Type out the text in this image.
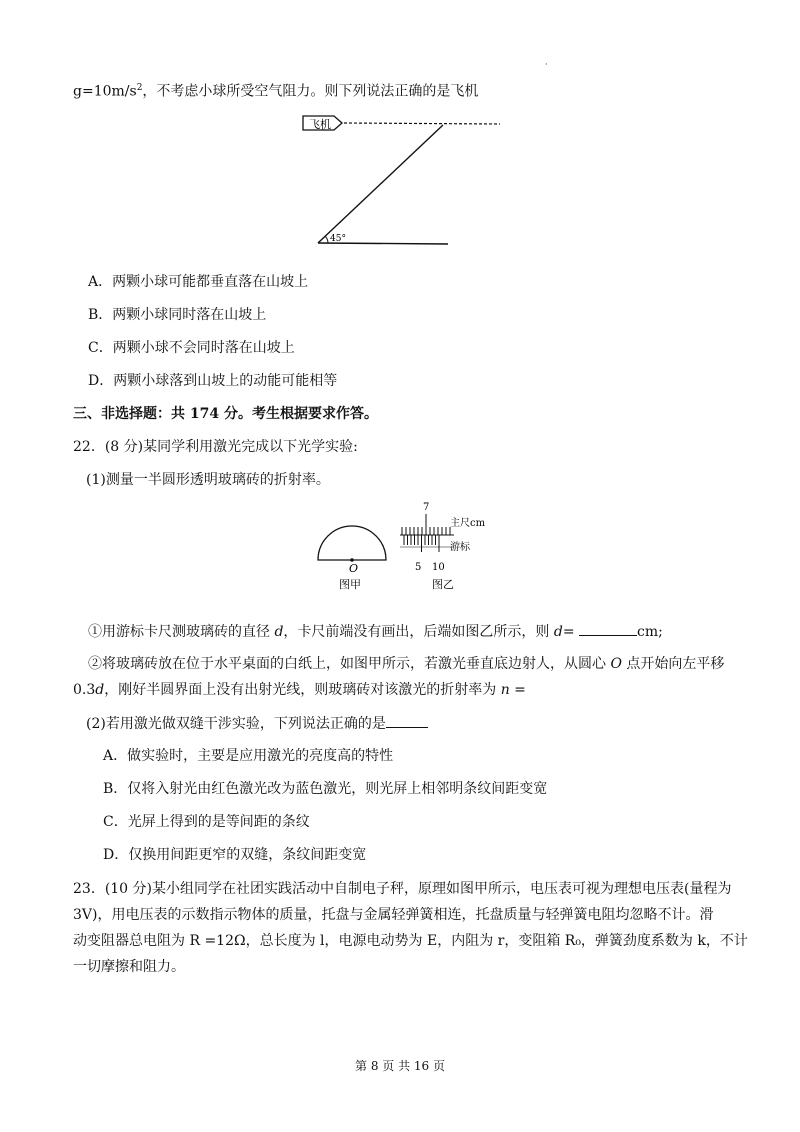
$g=10m/s^2$，不考虑小球所受空气阻力。则下列说法正确的是飞机
·
飞机
45°
A．两颗小球可能都垂直落在山坡上
B．两颗小球同时落在山坡上
C．两颗小球不会同时落在山坡上
D．两颗小球落到山坡上的动能可能相等
三、非选择题：共 174 分。考生根据要求作答。
22．(8 分)某同学利用激光完成以下光学实验:
(1)测量一半圆形透明玻璃砖的折射率。
O
图甲
7
主尺cm
游标
5 10
图乙
①用游标卡尺测玻璃砖的直径 d，卡尺前端没有画出，后端如图乙所示，则 d=	cm;
②将玻璃砖放在位于水平桌面的白纸上，如图甲所示，若激光垂直底边射人，从圆心 O 点开始向左平移
0.3d，刚好半圆界面上没有出射光线，则玻璃砖对该激光的折射率为 n =
(2)若用激光做双缝干涉实验，下列说法正确的是
A．做实验时，主要是应用激光的亮度高的特性
B．仅将入射光由红色激光改为蓝色激光，则光屏上相邻明条纹间距变宽
C．光屏上得到的是等间距的条纹
D．仅换用间距更窄的双缝，条纹间距变宽
23．(10 分)某小组同学在社团实践活动中自制电子秤，原理如图甲所示，电压表可视为理想电压表(量程为
3V)，用电压表的示数指示物体的质量，托盘与金属轻弹簧相连，托盘质量与轻弹簧电阻均忽略不计。滑
动变阻器总电阻为 R =12Ω，总长度为 l，电源电动势为 E，内阻为 r，变阻箱 R₀，弹簧劲度系数为 k，不计
一切摩擦和阻力。
第 8 页 共 16 页
